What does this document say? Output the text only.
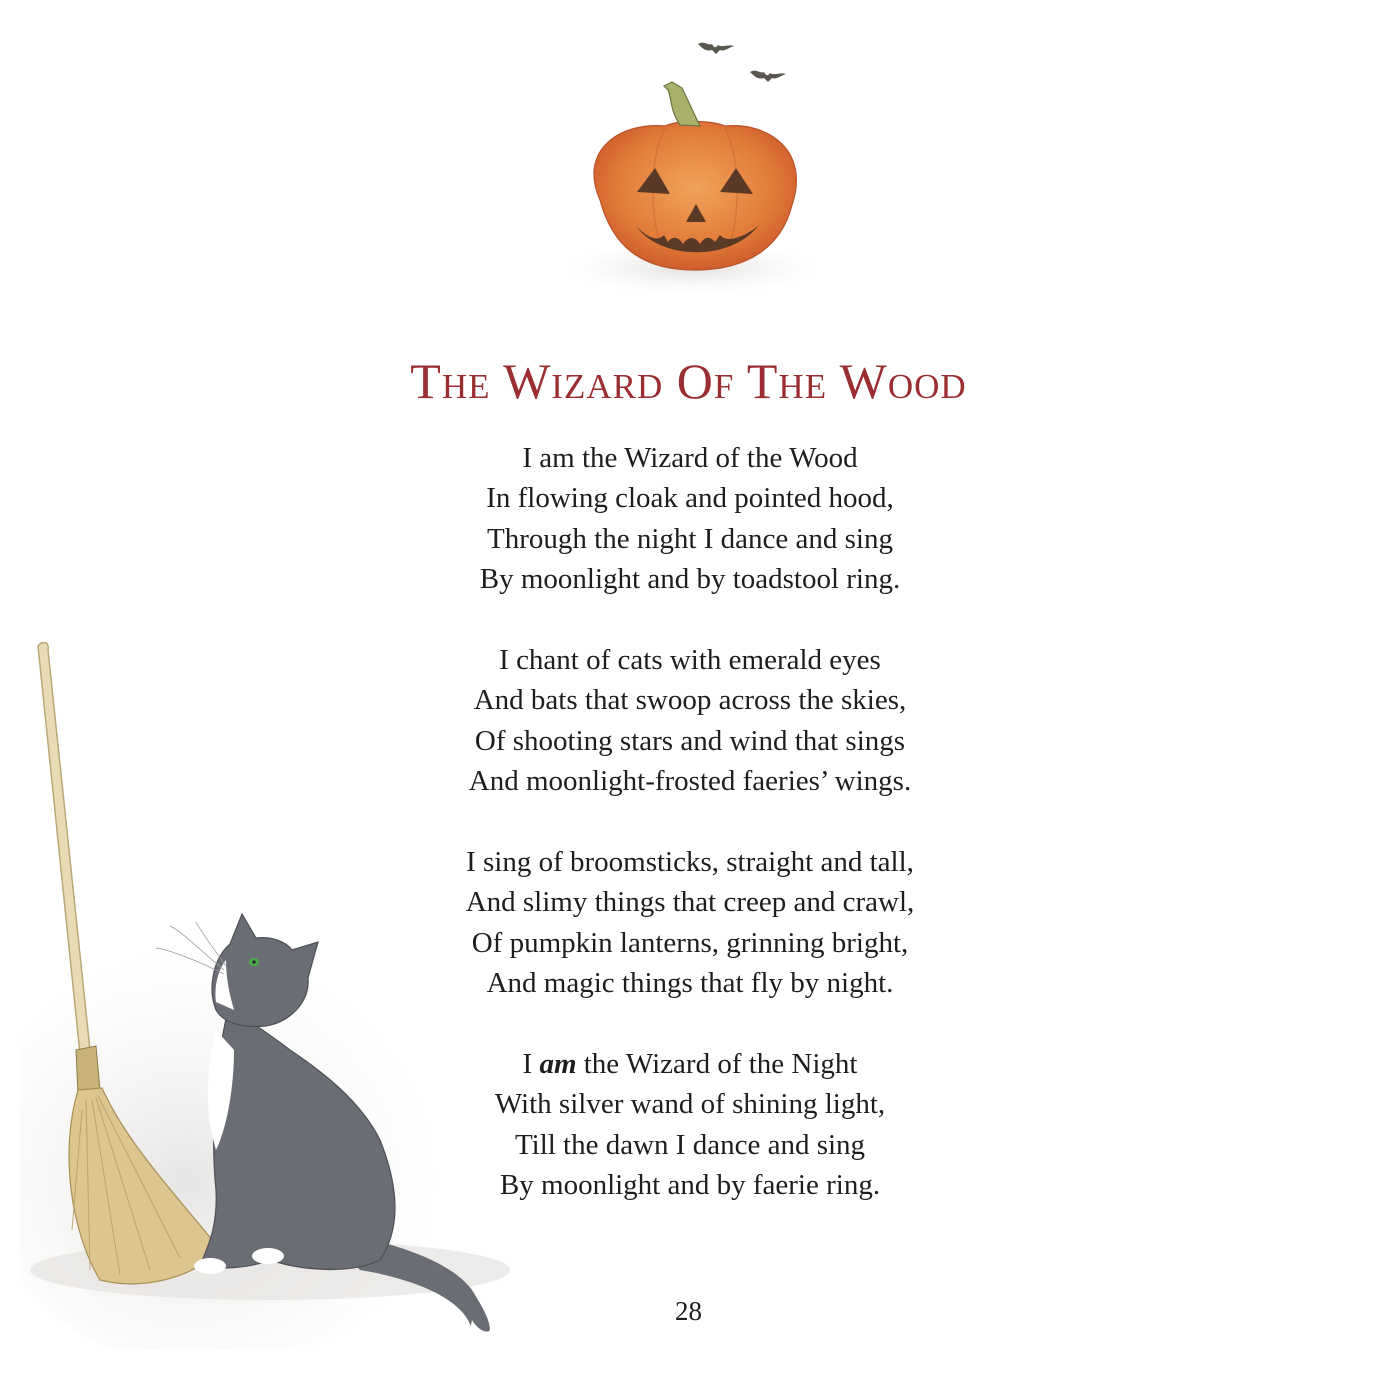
The Wizard Of The Wood
I am the Wizard of the Wood
In flowing cloak and pointed hood,
Through the night I dance and sing
By moonlight and by toadstool ring.
I chant of cats with emerald eyes
And bats that swoop across the skies,
Of shooting stars and wind that sings
And moonlight-frosted faeries’ wings.
I sing of broomsticks, straight and tall,
And slimy things that creep and crawl,
Of pumpkin lanterns, grinning bright,
And magic things that fly by night.
I am the Wizard of the Night
With silver wand of shining light,
Till the dawn I dance and sing
By moonlight and by faerie ring.
28
